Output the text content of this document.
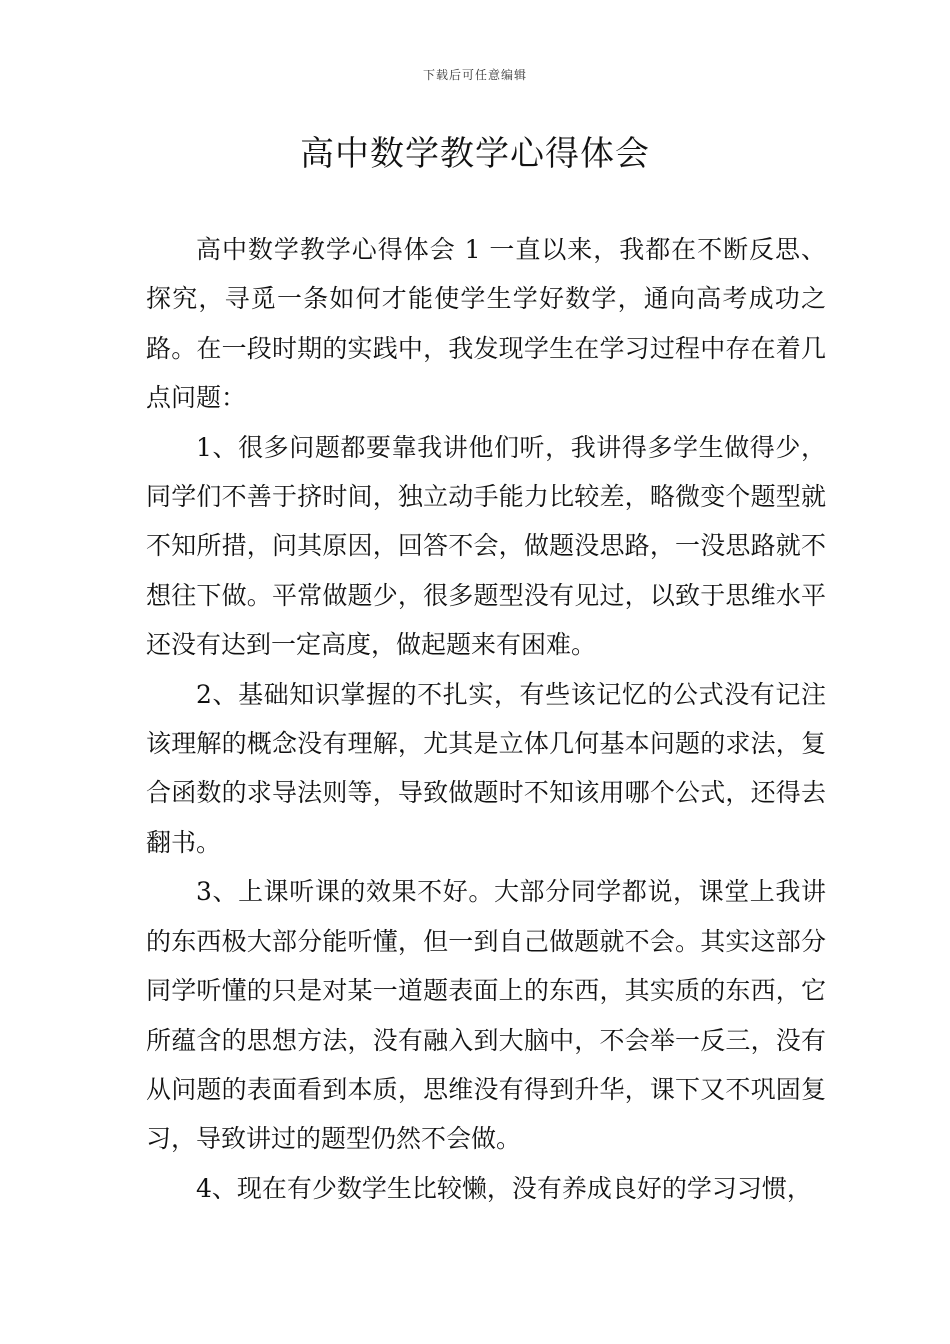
下载后可任意编辑
高中数学教学心得体会

高中数学教学心得体会 1 一直以来，我都在不断反思、探究，寻觅一条如何才能使学生学好数学，通向高考成功之路。在一段时期的实践中，我发现学生在学习过程中存在着几点问题：

1、很多问题都要靠我讲他们听，我讲得多学生做得少，同学们不善于挤时间，独立动手能力比较差，略微变个题型就不知所措，问其原因，回答不会，做题没思路，一没思路就不想往下做。平常做题少，很多题型没有见过，以致于思维水平还没有达到一定高度，做起题来有困难。

2、基础知识掌握的不扎实，有些该记忆的公式没有记注该理解的概念没有理解，尤其是立体几何基本问题的求法，复合函数的求导法则等，导致做题时不知该用哪个公式，还得去翻书。

3、上课听课的效果不好。大部分同学都说，课堂上我讲的东西极大部分能听懂，但一到自己做题就不会。其实这部分同学听懂的只是对某一道题表面上的东西，其实质的东西，它所蕴含的思想方法，没有融入到大脑中，不会举一反三，没有从问题的表面看到本质，思维没有得到升华，课下又不巩固复习，导致讲过的题型仍然不会做。

4、现在有少数学生比较懒，没有养成良好的学习习惯，
